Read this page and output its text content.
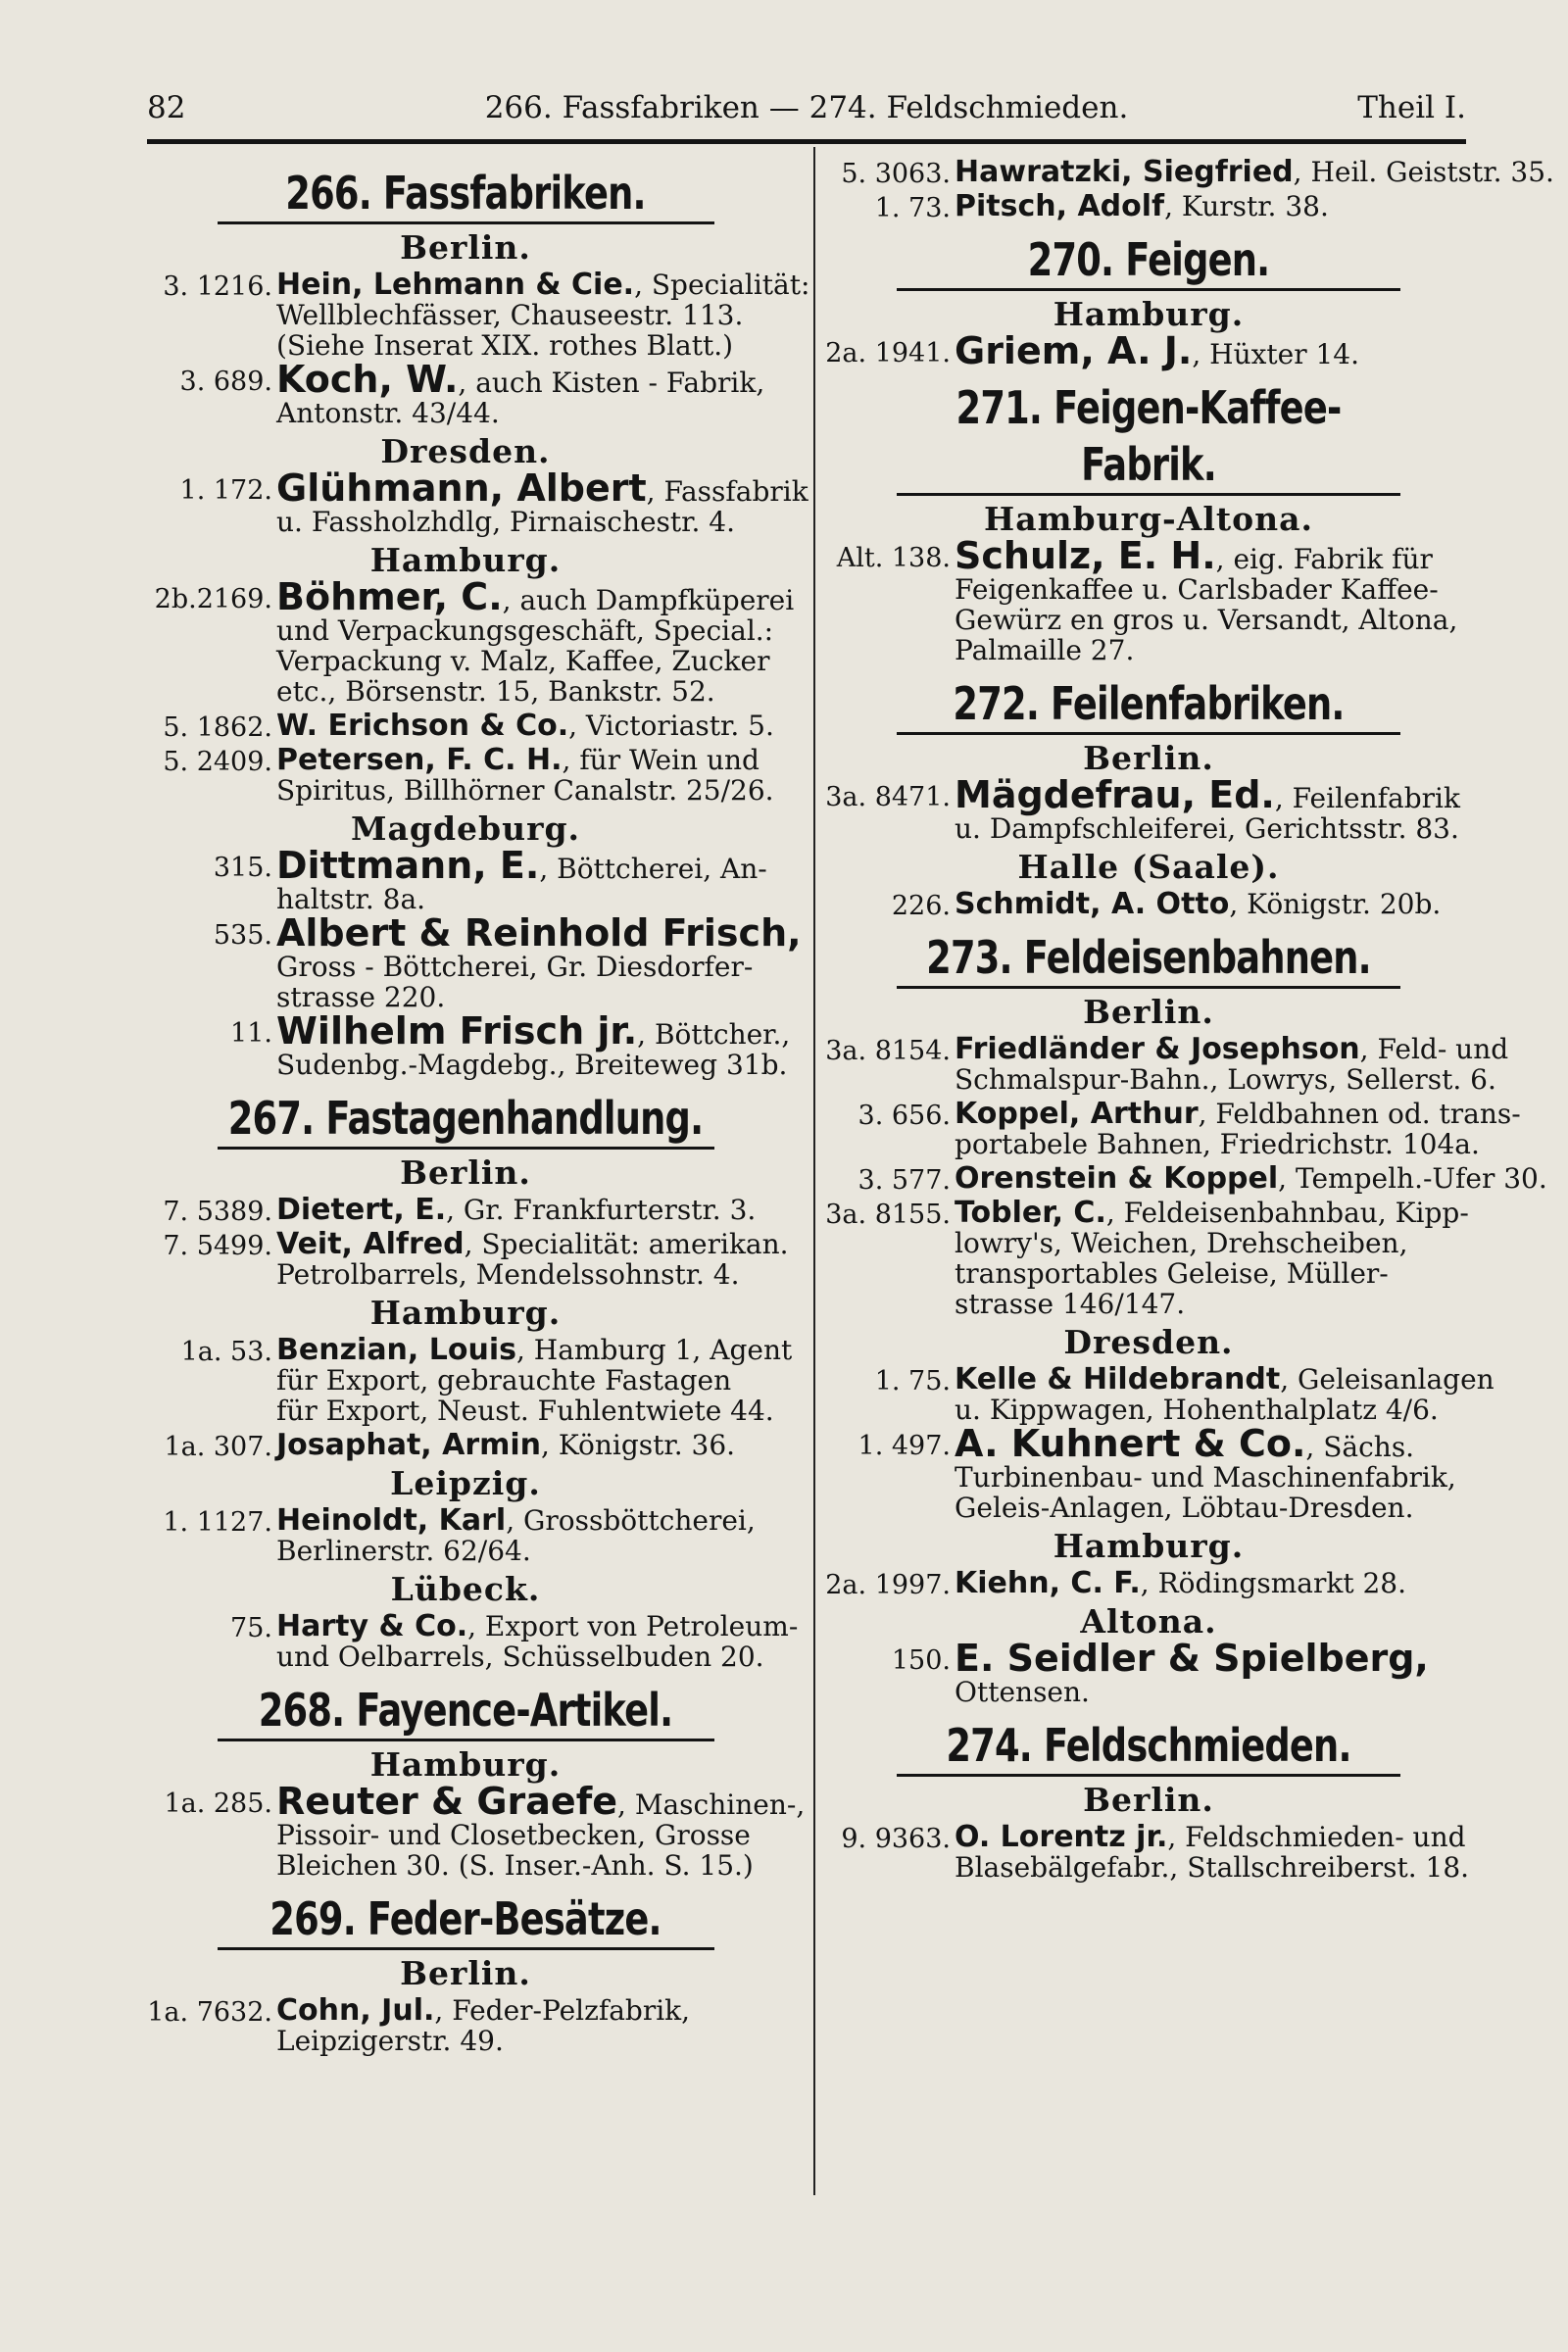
82	266. Fassfabriken — 274. Feldschmieden.	Theil I.
266. Fassfabriken.
Berlin.
3. 1216. Hein, Lehmann & Cie., Specialität:
Wellblechfässer, Chauseestr. 113.
(Siehe Inserat XIX. rothes Blatt.)
3. 689. Koch, W., auch Kisten - Fabrik,
Antonstr. 43/44.
Dresden.
1. 172. Glühmann, Albert, Fassfabrik
u. Fassholzhdlg, Pirnaischestr. 4.
Hamburg.
2b.2169. Böhmer, C., auch Dampfküperei
und Verpackungsgeschäft, Special.:
Verpackung v. Malz, Kaffee, Zucker
etc., Börsenstr. 15, Bankstr. 52.
5. 1862. W. Erichson & Co., Victoriastr. 5.
5. 2409. Petersen, F. C. H., für Wein und
Spiritus, Billhörner Canalstr. 25/26.
Magdeburg.
315. Dittmann, E., Böttcherei, An-
haltstr. 8a.
535. Albert & Reinhold Frisch,
Gross - Böttcherei, Gr. Diesdorfer-
strasse 220.
11. Wilhelm Frisch jr., Böttcher.,
Sudenbg.-Magdebg., Breiteweg 31b.
267. Fastagenhandlung.
Berlin.
7. 5389. Dietert, E., Gr. Frankfurterstr. 3.
7. 5499. Veit, Alfred, Specialität: amerikan.
Petrolbarrels, Mendelssohnstr. 4.
Hamburg.
1a. 53. Benzian, Louis, Hamburg 1, Agent
für Export, gebrauchte Fastagen
für Export, Neust. Fuhlentwiete 44.
1a. 307. Josaphat, Armin, Königstr. 36.
Leipzig.
1. 1127. Heinoldt, Karl, Grossböttcherei,
Berlinerstr. 62/64.
Lübeck.
75. Harty & Co., Export von Petroleum-
und Oelbarrels, Schüsselbuden 20.
268. Fayence-Artikel.
Hamburg.
1a. 285. Reuter & Graefe, Maschinen-,
Pissoir- und Closetbecken, Grosse
Bleichen 30. (S. Inser.-Anh. S. 15.)
269. Feder-Besätze.
Berlin.
1a. 7632. Cohn, Jul., Feder-Pelzfabrik,
Leipzigerstr. 49.
5. 3063. Hawratzki, Siegfried, Heil. Geiststr. 35.
1. 73. Pitsch, Adolf, Kurstr. 38.
270. Feigen.
Hamburg.
2a. 1941. Griem, A. J., Hüxter 14.
271. Feigen-Kaffee-Fabrik.
Hamburg-Altona.
Alt. 138. Schulz, E. H., eig. Fabrik für
Feigenkaffee u. Carlsbader Kaffee-
Gewürz en gros u. Versandt, Altona,
Palmaille 27.
272. Feilenfabriken.
Berlin.
3a. 8471. Mägdefrau, Ed., Feilenfabrik
u. Dampfschleiferei, Gerichtsstr. 83.
Halle (Saale).
226. Schmidt, A. Otto, Königstr. 20b.
273. Feldeisenbahnen.
Berlin.
3a. 8154. Friedländer & Josephson, Feld- und
Schmalspur-Bahn., Lowrys, Sellerst. 6.
3. 656. Koppel, Arthur, Feldbahnen od. trans-
portabele Bahnen, Friedrichstr. 104a.
3. 577. Orenstein & Koppel, Tempelh.-Ufer 30.
3a. 8155. Tobler, C., Feldeisenbahnbau, Kipp-
lowry's, Weichen, Drehscheiben,
transportables Geleise, Müller-
strasse 146/147.
Dresden.
1. 75. Kelle & Hildebrandt, Geleisanlagen
u. Kippwagen, Hohenthalplatz 4/6.
1. 497. A. Kuhnert & Co., Sächs.
Turbinenbau- und Maschinenfabrik,
Geleis-Anlagen, Löbtau-Dresden.
Hamburg.
2a. 1997. Kiehn, C. F., Rödingsmarkt 28.
Altona.
150. E. Seidler & Spielberg,
Ottensen.
274. Feldschmieden.
Berlin.
9. 9363. O. Lorentz jr., Feldschmieden- und
Blasebälgefabr., Stallschreiberst. 18.
